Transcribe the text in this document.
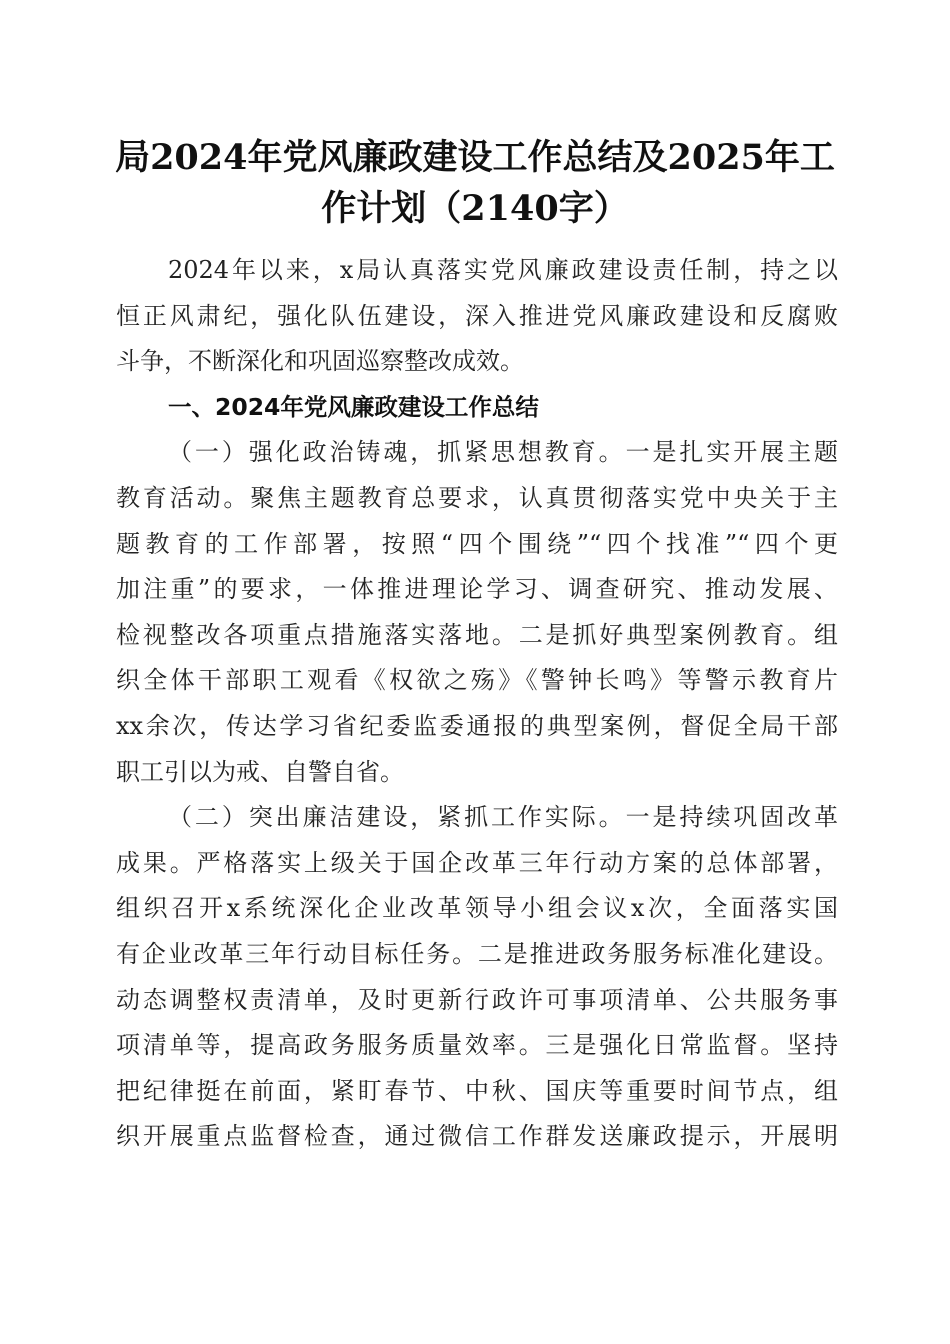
局2024年党风廉政建设工作总结及2025年工
作计划（2140字）
2024年以来，x局认真落实党风廉政建设责任制，持之以
恒正风肃纪，强化队伍建设，深入推进党风廉政建设和反腐败
斗争，不断深化和巩固巡察整改成效。
一、2024年党风廉政建设工作总结
（一）强化政治铸魂，抓紧思想教育。一是扎实开展主题
教育活动。聚焦主题教育总要求，认真贯彻落实党中央关于主
题教育的工作部署，按照“四个围绕”“四个找准”“四个更
加注重”的要求，一体推进理论学习、调查研究、推动发展、
检视整改各项重点措施落实落地。二是抓好典型案例教育。组
织全体干部职工观看《权欲之殇》《警钟长鸣》等警示教育片
xx余次，传达学习省纪委监委通报的典型案例，督促全局干部
职工引以为戒、自警自省。
（二）突出廉洁建设，紧抓工作实际。一是持续巩固改革
成果。严格落实上级关于国企改革三年行动方案的总体部署，
组织召开x系统深化企业改革领导小组会议x次，全面落实国
有企业改革三年行动目标任务。二是推进政务服务标准化建设。
动态调整权责清单，及时更新行政许可事项清单、公共服务事
项清单等，提高政务服务质量效率。三是强化日常监督。坚持
把纪律挺在前面，紧盯春节、中秋、国庆等重要时间节点，组
织开展重点监督检查，通过微信工作群发送廉政提示，开展明
